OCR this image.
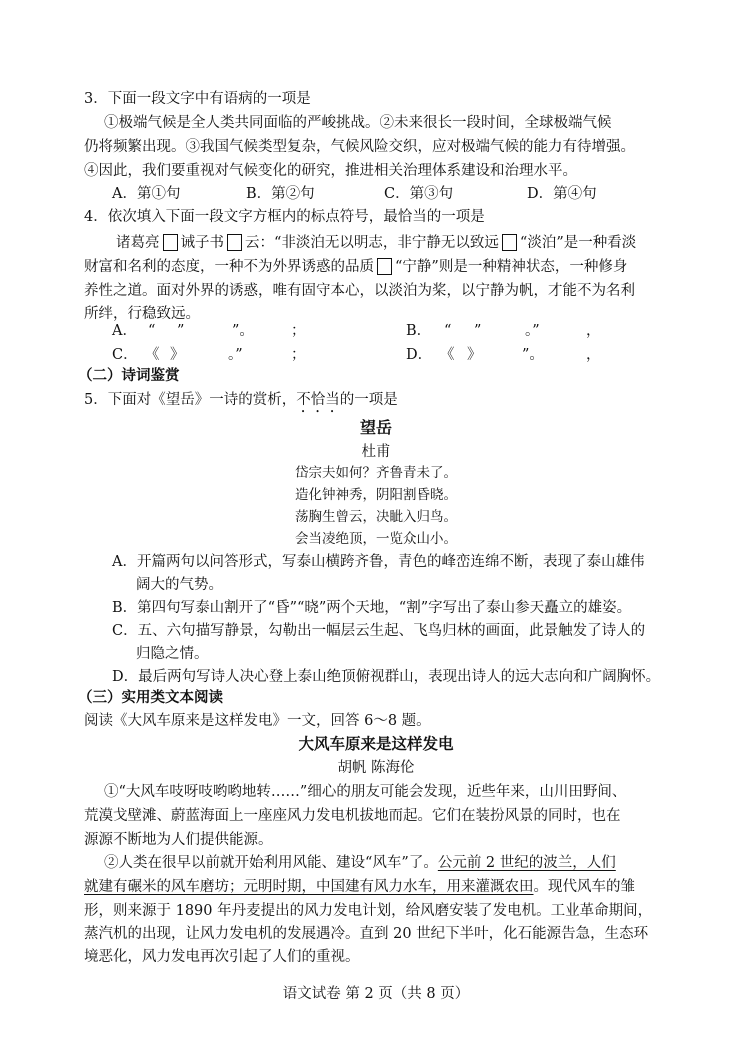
3．下面一段文字中有语病的一项是
①极端气候是全人类共同面临的严峻挑战。②未来很长一段时间，全球极端气候
仍将频繁出现。③我国气候类型复杂，气候风险交织，应对极端气候的能力有待增强。
④因此，我们要重视对气候变化的研究，推进相关治理体系建设和治理水平。
A．第①句	B．第②句	C．第③句	D．第④句
4．依次填入下面一段文字方框内的标点符号，最恰当的一项是
诸葛亮 诫子书 云：“非淡泊无以明志，非宁静无以致远 “淡泊”是一种看淡
财富和名利的态度，一种不为外界诱惑的品质 “宁静”则是一种精神状态，一种修身
养性之道。面对外界的诱惑，唯有固守本心，以淡泊为桨，以宁静为帆，才能不为名利
所绊，行稳致远。
A． “ ”	”。	；	B． “ ”	。”	，
C． 《 》	。”	；	D． 《 》	”。	，
（二）诗词鉴赏
5．下面对《望岳》一诗的赏析，不恰当的一项是
望岳
杜甫
岱宗夫如何？齐鲁青未了。
造化钟神秀，阴阳割昏晓。
荡胸生曾云，决眦入归鸟。
会当凌绝顶，一览众山小。
A．开篇两句以问答形式，写泰山横跨齐鲁，青色的峰峦连绵不断，表现了泰山雄伟
阔大的气势。
B．第四句写泰山割开了“昏”“晓”两个天地，“割”字写出了泰山参天矗立的雄姿。
C．五、六句描写静景，勾勒出一幅层云生起、飞鸟归林的画面，此景触发了诗人的
归隐之情。
D．最后两句写诗人决心登上泰山绝顶俯视群山，表现出诗人的远大志向和广阔胸怀。
（三）实用类文本阅读
阅读《大风车原来是这样发电》一文，回答 6～8 题。
大风车原来是这样发电
胡帆 陈海伦
①“大风车吱呀吱哟哟地转……”细心的朋友可能会发现，近些年来，山川田野间、
荒漠戈壁滩、蔚蓝海面上一座座风力发电机拔地而起。它们在装扮风景的同时，也在
源源不断地为人们提供能源。
②人类在很早以前就开始利用风能、建设“风车”了。公元前 2 世纪的波兰，人们
就建有碾米的风车磨坊；元明时期，中国建有风力水车，用来灌溉农田。现代风车的雏
形，则来源于 1890 年丹麦提出的风力发电计划，给风磨安装了发电机。工业革命期间，
蒸汽机的出现，让风力发电机的发展遇冷。直到 20 世纪下半叶，化石能源告急，生态环
境恶化，风力发电再次引起了人们的重视。
语文试卷 第 2 页（共 8 页）
